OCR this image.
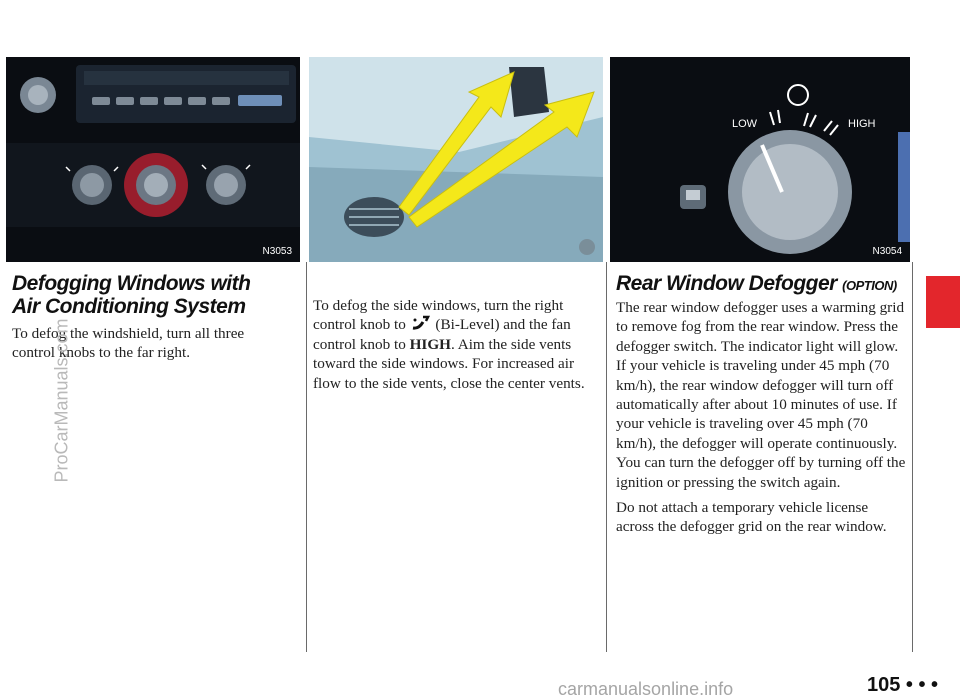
N3053
LOW	HIGH
N3054
Defogging Windows with
Air Conditioning System

To defog the windshield, turn all three control knobs to the far right.

To defog the side windows, turn the right control knob to (Bi-Level) and the fan control knob to HIGH. Aim the side vents toward the side windows. For increased air flow to the side vents, close the center vents.

Rear Window Defogger (OPTION)

The rear window defogger uses a warming grid to remove fog from the rear window. Press the defogger switch. The indicator light will glow. If your vehicle is traveling under 45 mph (70 km/h), the rear window defogger will turn off automatically after about 10 minutes of use. If your vehicle is traveling over 45 mph (70 km/h), the defogger will operate continuously. You can turn the defogger off by turning off the ignition or pressing the switch again.

Do not attach a temporary vehicle license across the defogger grid on the rear window.

105 • • •
ProCarManuals.com
carmanualsonline.info
